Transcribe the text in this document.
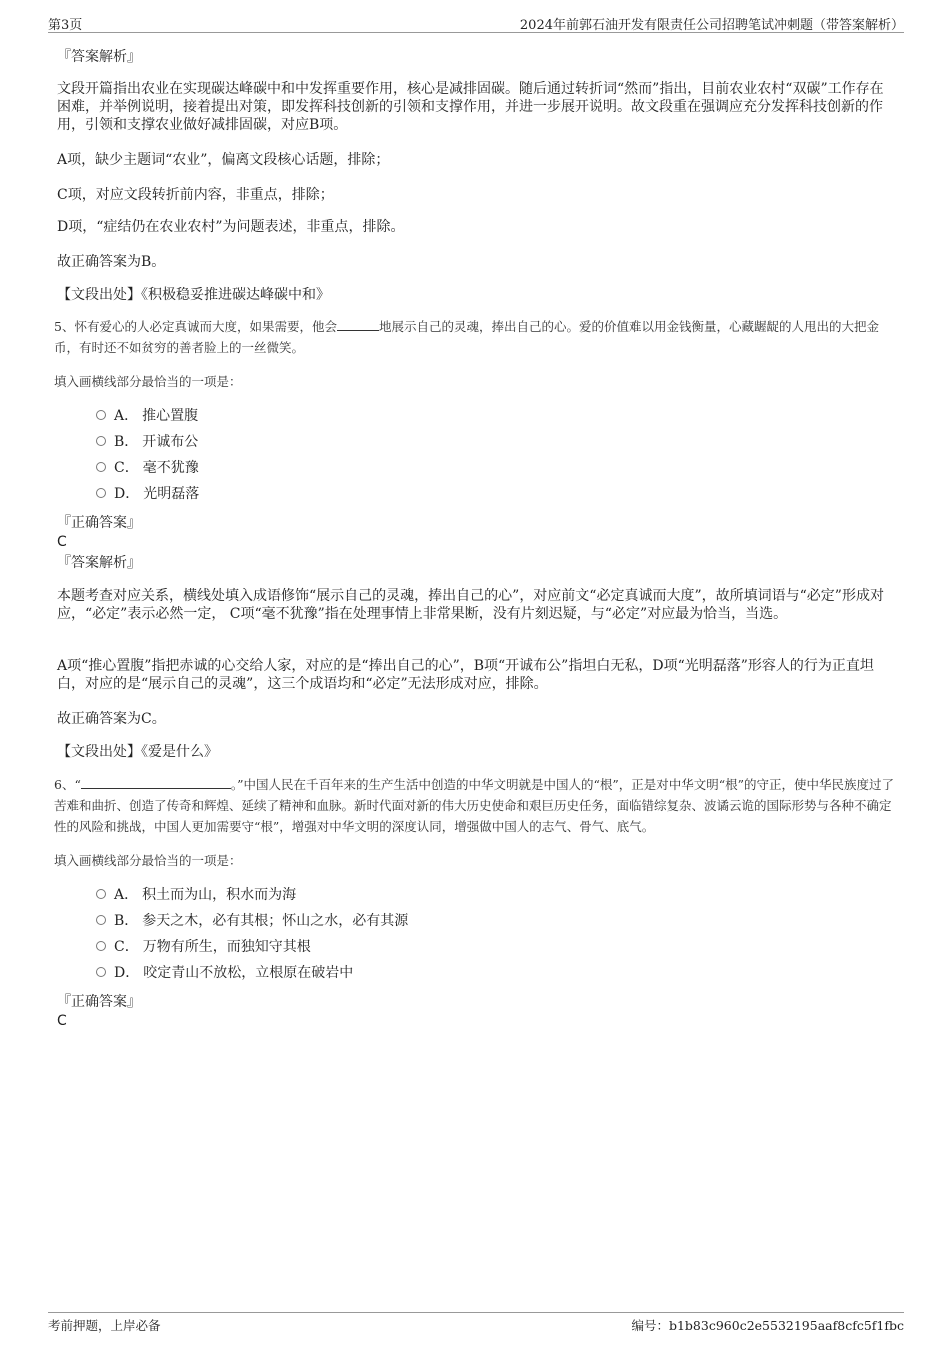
第3页	2024年前郭石油开发有限责任公司招聘笔试冲刺题（带答案解析）
『答案解析』
文段开篇指出农业在实现碳达峰碳中和中发挥重要作用，核心是减排固碳。随后通过转折词“然而”指出，目前农业农村“双碳”工作存在困难，并举例说明，接着提出对策，即发挥科技创新的引领和支撑作用，并进一步展开说明。故文段重在强调应充分发挥科技创新的作用，引领和支撑农业做好减排固碳，对应B项。
A项，缺少主题词“农业”，偏离文段核心话题，排除；
C项，对应文段转折前内容，非重点，排除；
D项，“症结仍在农业农村”为问题表述，非重点，排除。
故正确答案为B。
【文段出处】《积极稳妥推进碳达峰碳中和》
5、怀有爱心的人必定真诚而大度，如果需要，他会	地展示自己的灵魂，捧出自己的心。爱的价值难以用金钱衡量，心藏龌龊的人甩出的大把金币，有时还不如贫穷的善者脸上的一丝微笑。
填入画横线部分最恰当的一项是：
A． 推心置腹
B． 开诚布公
C． 毫不犹豫
D． 光明磊落
『正确答案』
C
『答案解析』
本题考查对应关系，横线处填入成语修饰“展示自己的灵魂，捧出自己的心”，对应前文“必定真诚而大度”，故所填词语与“必定”形成对应，“必定”表示必然一定， C项“毫不犹豫”指在处理事情上非常果断，没有片刻迟疑，与“必定”对应最为恰当，当选。
A项“推心置腹”指把赤诚的心交给人家，对应的是“捧出自己的心”，B项“开诚布公”指坦白无私，D项“光明磊落”形容人的行为正直坦白，对应的是“展示自己的灵魂”，这三个成语均和“必定”无法形成对应，排除。
故正确答案为C。
【文段出处】《爱是什么》
6、“	。”中国人民在千百年来的生产生活中创造的中华文明就是中国人的“根”，正是对中华文明“根”的守正，使中华民族度过了苦难和曲折、创造了传奇和辉煌、延续了精神和血脉。新时代面对新的伟大历史使命和艰巨历史任务，面临错综复杂、波谲云诡的国际形势与各种不确定性的风险和挑战，中国人更加需要守“根”，增强对中华文明的深度认同，增强做中国人的志气、骨气、底气。
填入画横线部分最恰当的一项是：
A． 积土而为山，积水而为海
B． 参天之木，必有其根；怀山之水，必有其源
C． 万物有所生，而独知守其根
D． 咬定青山不放松，立根原在破岩中
『正确答案』
C
考前押题，上岸必备	编号：b1b83c960c2e5532195aaf8cfc5f1fbc
